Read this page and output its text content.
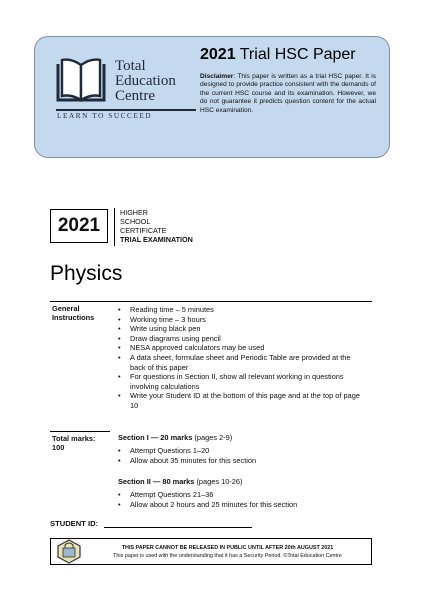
Total
Education
Centre
LEARN TO SUCCEED
2021 Trial HSC Paper
Disclaimer: This paper is written as a trial HSC paper. It is designed to provide practice consistent with the demands of the current HSC course and its examination. However, we do not guarantee it predicts question content for the actual HSC examination.
2021
HIGHER
SCHOOL
CERTIFICATE
TRIAL EXAMINATION
Physics
General
Instructions
•	Reading time – 5 minutes
•	Working time – 3 hours
•	Write using black pen
•	Draw diagrams using pencil
•	NESA approved calculators may be used
•	A data sheet, formulae sheet and Periodic Table are provided at the back of this paper
•	For questions in Section II, show all relevant working in questions involving calculations
•	Write your Student ID at the bottom of this page and at the top of page 10
Total marks:
100
Section I — 20 marks (pages 2-9)
•	Attempt Questions 1–20
•	Allow about 35 minutes for this section
Section II — 80 marks (pages 10-26)
•	Attempt Questions 21–36
•	Allow about 2 hours and 25 minutes for this section
STUDENT ID:
THIS PAPER CANNOT BE RELEASED IN PUBLIC UNTIL AFTER 20th AUGUST 2021
This paper is used with the understanding that it has a Security Period. ©Total Education Centre
